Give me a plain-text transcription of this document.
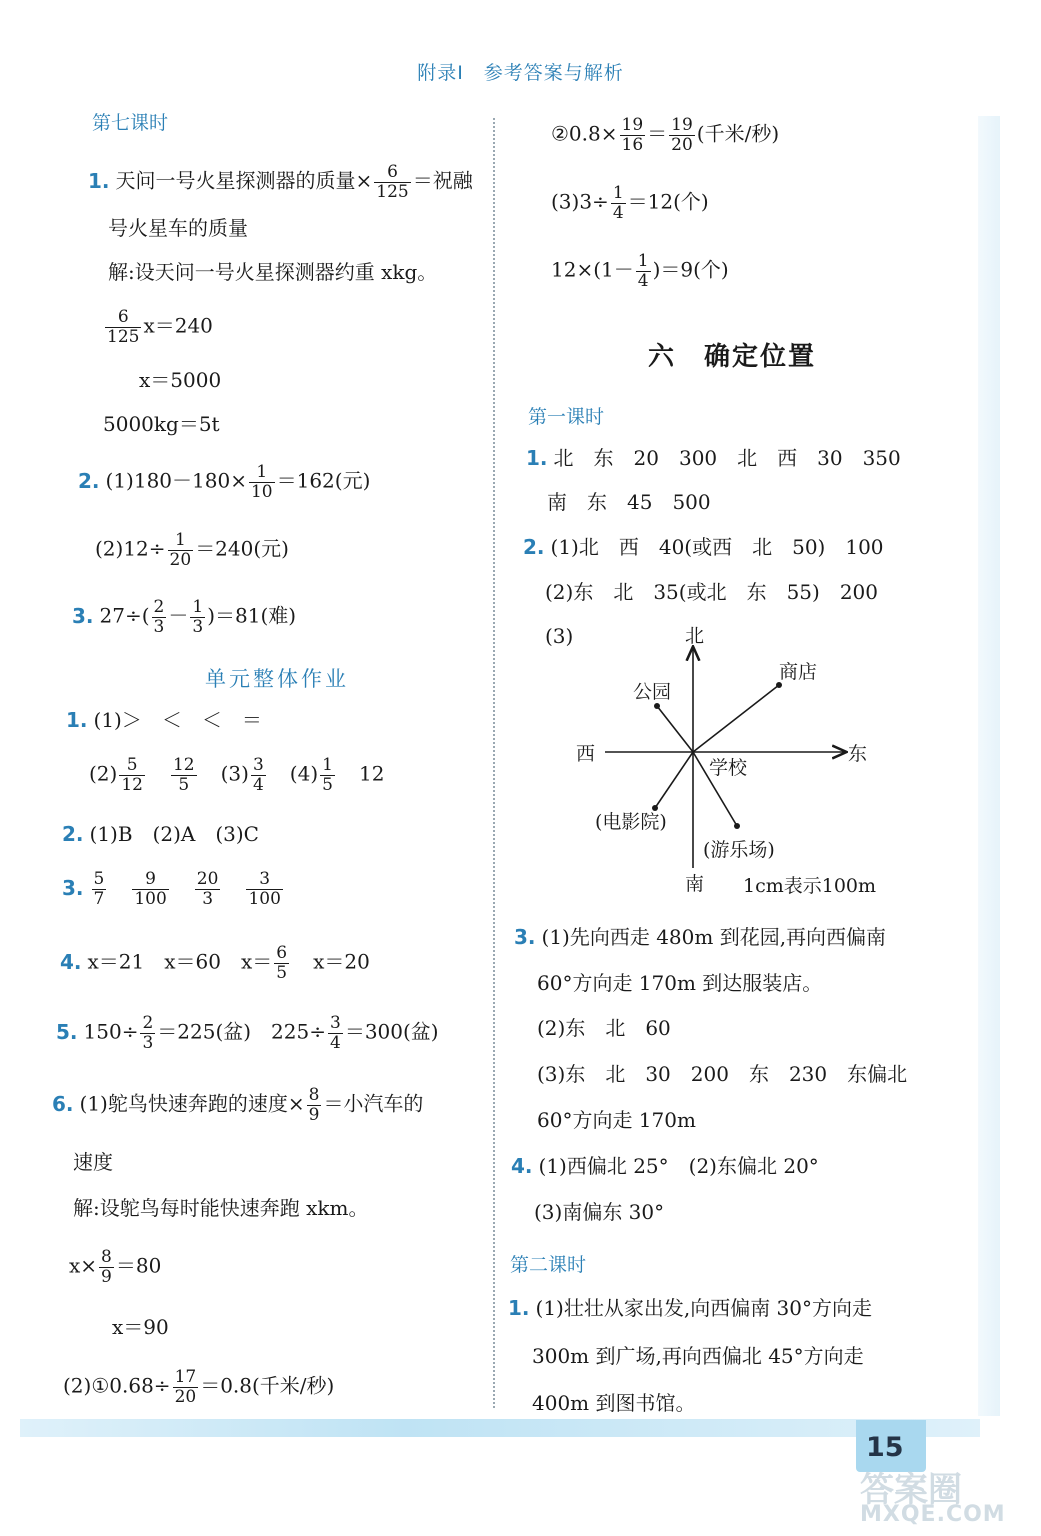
附录Ⅰ　参考答案与解析
第七课时
1. 天问一号火星探测器的质量× $\frac{6}{125}$ ＝祝融
号火星车的质量
解:设天问一号火星探测器约重 xkg。
$\frac{6}{125} x=240$
x＝5000
5000kg＝5t
2. $(1)180-180\times \frac{1}{10} =162$(元)
$(2)12\div \frac{1}{20} =240$(元)
3. $27\div( \frac{2}{3} - \frac{1}{3} )=81$(难)
单元整体作业
1. (1)＞　＜　＜　＝
$(2) \frac{5}{12} \frac{12}{5} (3) \frac{3}{4} (4) \frac{1}{5} 12$
2. (1)B　(2)A　(3)C
3. $\frac{5}{7} \frac{9}{100} \frac{20}{3} \frac{3}{100}$
4. x＝21　x＝60　$x= \frac{6}{5} x=20$
5. $150\div \frac{2}{3} =225$(盆)　$225\div \frac{3}{4} =300$(盆)
6. (1)鸵鸟快速奔跑的速度× $\frac{8}{9}$ ＝小汽车的
速度
解:设鸵鸟每时能快速奔跑 xkm。
$x\times \frac{8}{9} =80$
x＝90
(2)①0.68÷ $\frac{17}{20} =0.8$(千米/秒)
②0.8× $\frac{19}{16} = \frac{19}{20}$ (千米/秒)
$(3)3\div \frac{1}{4} =12$(个)
$12\times(1- \frac{1}{4} )=9$(个)
六　确定位置
第一课时
1. 北　东　20　300　北　西　30　350
南　东　45　500
2. (1)北　西　40(或西　北　50)　100
(2)东　北　35(或北　东　55)　200
(3)	北
南
东
西
公园
商店
学校
(电影院)
(游乐场)
1cm表示100m
3. (1)先向西走 480m 到花园,再向西偏南
60°方向走 170m 到达服装店。
(2)东　北　60
(3)东　北　30　200　东　230　东偏北
60°方向走 170m
4. (1)西偏北 25°　(2)东偏北 20°
(3)南偏东 30°
第二课时
1. (1)壮壮从家出发,向西偏南 30°方向走
300m 到广场,再向西偏北 45°方向走
400m 到图书馆。
15
答案圈
MXQE.COM
